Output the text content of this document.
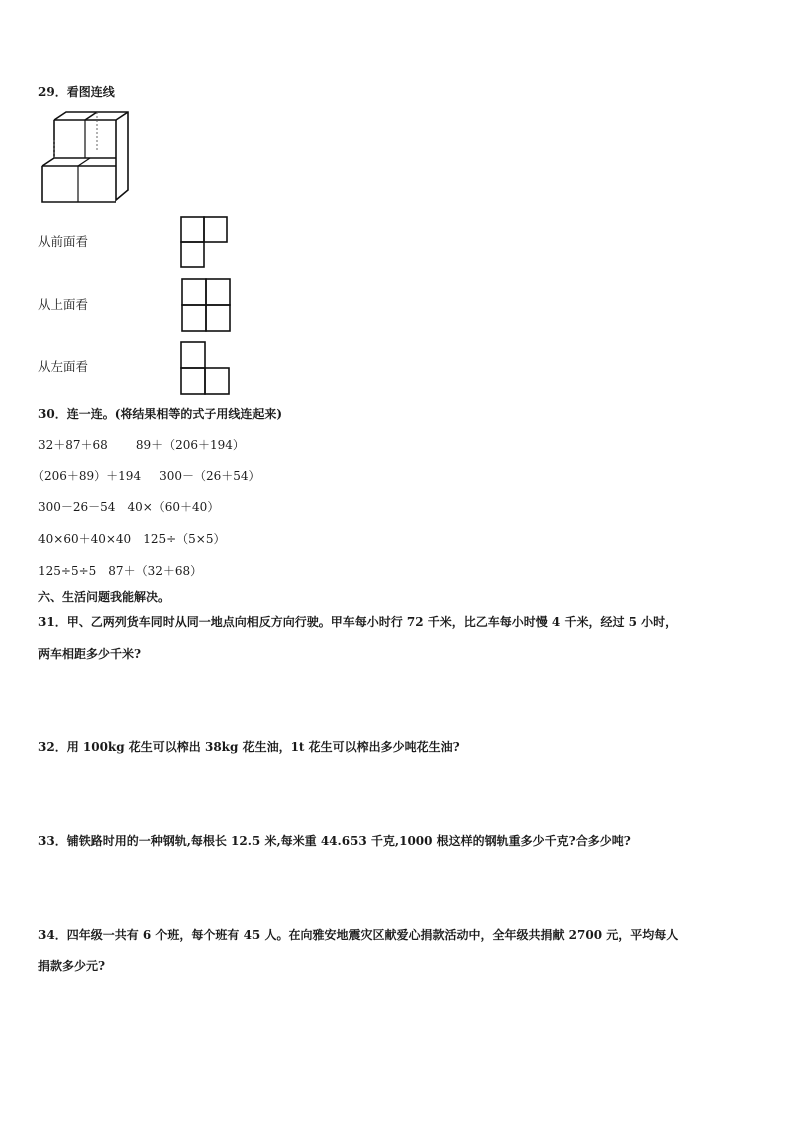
29．看图连线
从前面看
从上面看
从左面看
30．连一连。(将结果相等的式子用线连起来)
32＋87＋68 89＋（206＋194）
（206＋89）＋194 300－（26＋54）
300－26－54 40×（60＋40）
40×60＋40×40 125÷（5×5）
125÷5÷5 87＋（32＋68）
六、生活问题我能解决。
31．甲、乙两列货车同时从同一地点向相反方向行驶。甲车每小时行 72 千米，比乙车每小时慢 4 千米，经过 5 小时，
两车相距多少千米?
32．用 100kg 花生可以榨出 38kg 花生油，1t 花生可以榨出多少吨花生油?
33．铺铁路时用的一种钢轨,每根长 12.5 米,每米重 44.653 千克,1000 根这样的钢轨重多少千克?合多少吨?
34．四年级一共有 6 个班，每个班有 45 人。在向雅安地震灾区献爱心捐款活动中，全年级共捐献 2700 元，平均每人
捐款多少元?
